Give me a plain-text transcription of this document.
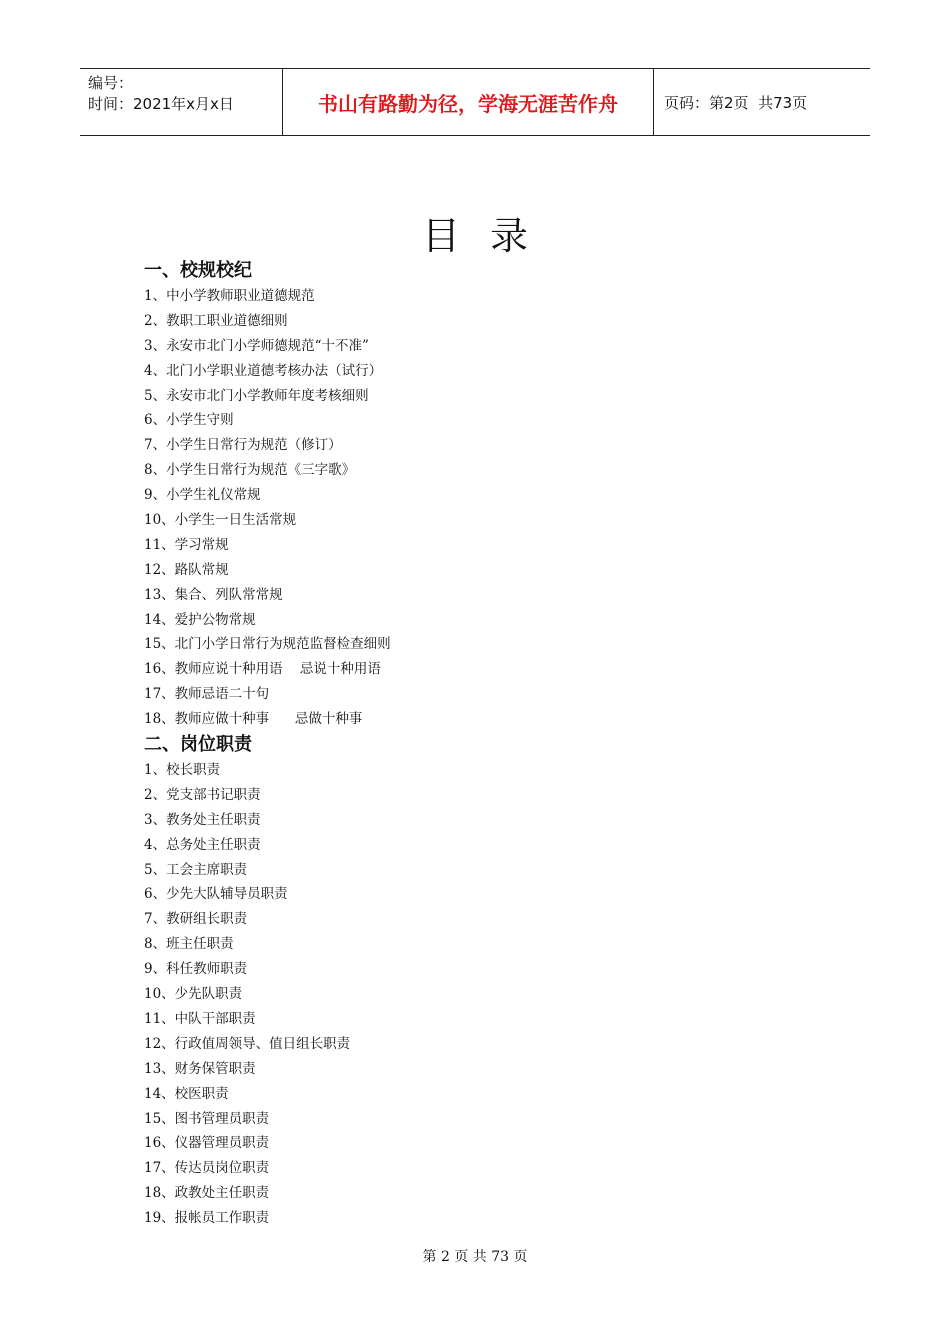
编号：
时间：2021年x月x日	书山有路勤为径，学海无涯苦作舟	页码：第2页  共73页
目录
一、校规校纪
1、中小学教师职业道德规范
2、教职工职业道德细则
3、永安市北门小学师德规范“十不准”
4、北门小学职业道德考核办法（试行）
5、永安市北门小学教师年度考核细则
6、小学生守则
7、小学生日常行为规范（修订）
8、小学生日常行为规范《三字歌》
9、小学生礼仪常规
10、小学生一日生活常规
11、学习常规
12、路队常规
13、集合、列队常常规
14、爱护公物常规
15、北门小学日常行为规范监督检查细则
16、教师应说十种用语    忌说十种用语
17、教师忌语二十句
18、教师应做十种事      忌做十种事
二、岗位职责
1、校长职责
2、党支部书记职责
3、教务处主任职责
4、总务处主任职责
5、工会主席职责
6、少先大队辅导员职责
7、教研组长职责
8、班主任职责
9、科任教师职责
10、少先队职责
11、中队干部职责
12、行政值周领导、值日组长职责
13、财务保管职责
14、校医职责
15、图书管理员职责
16、仪器管理员职责
17、传达员岗位职责
18、政教处主任职责
19、报帐员工作职责
第 2 页 共 73 页
